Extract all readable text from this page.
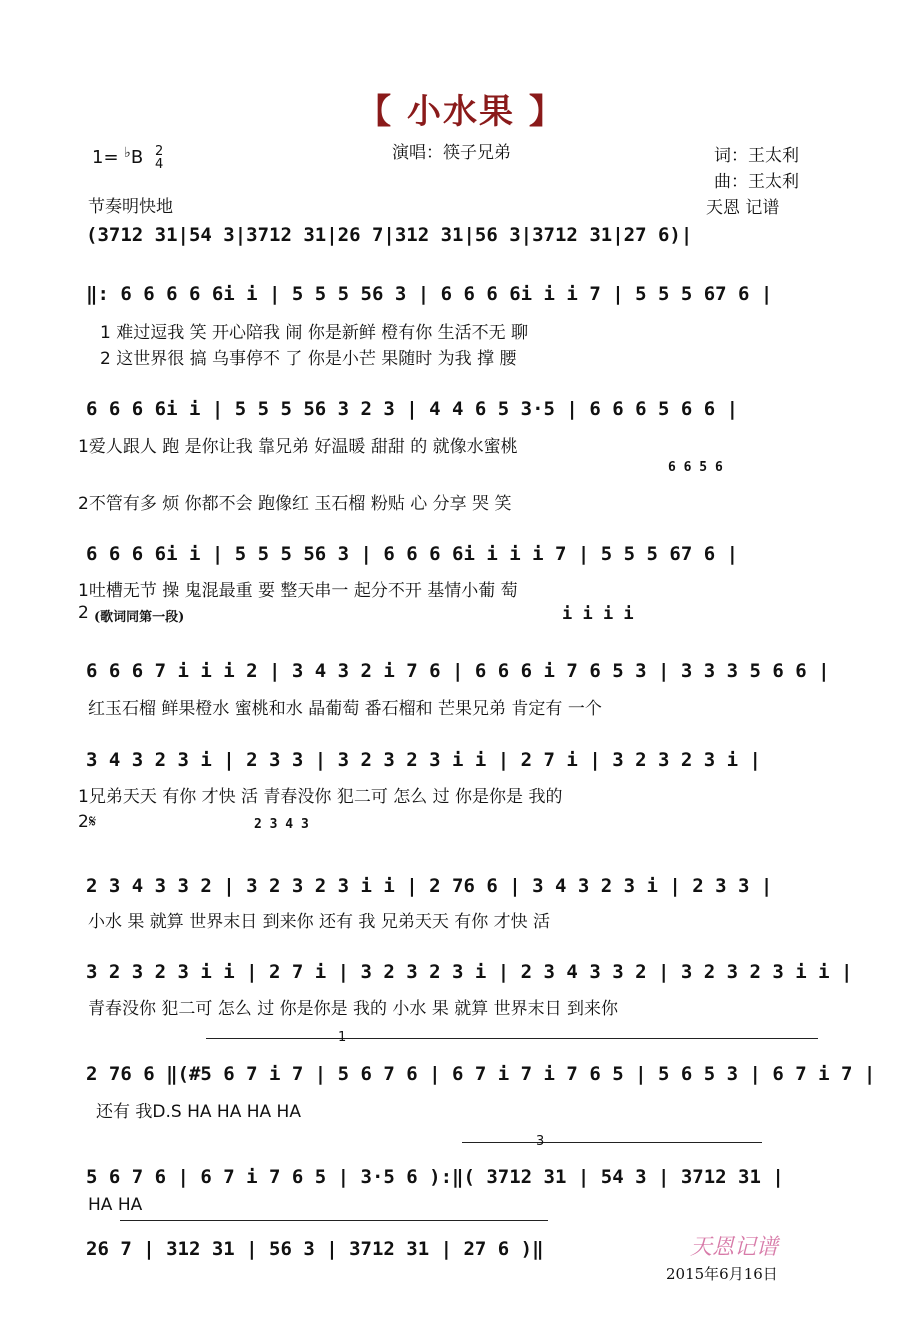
【 小水果 】
演唱：筷子兄弟	词：王太利
曲：王太利
天恩 记谱
1= ♭B 2
4
节奏明快地
(3712 31|54 3|3712 31|26 7|312 31|56 3|3712 31|27 6)|
‖: 6 6 6 6 6i i | 5 5 5 56 3 | 6 6 6 6i i i 7 | 5 5 5 67 6 |
1 难过逗我 笑 开心陪我 闹 你是新鲜 橙有你 生活不无 聊
2 这世界很 搞 乌事停不 了 你是小芒 果随时 为我 撑 腰
6 6 6 6i i | 5 5 5 56 3 2 3 | 4 4 6 5 3·5 | 6 6 6 5 6 6 |
1爱人跟人 跑 是你让我 靠兄弟 好温暖 甜甜 的 就像水蜜桃
6 6 5 6
2不管有多 烦 你都不会 跑像红 玉石榴 粉贴 心 分享 哭 笑
6 6 6 6i i | 5 5 5 56 3 | 6 6 6 6i i i i 7 | 5 5 5 67 6 |
1吐槽无节 操 鬼混最重 要 整天串一 起分不开 基情小葡 萄
2 (歌词同第一段)	i i i i
6 6 6 7 i i i 2 | 3 4 3 2 i 7 6 | 6 6 6 i 7 6 5 3 | 3 3 3 5 6 6 |
红玉石榴 鲜果橙水 蜜桃和水 晶葡萄 番石榴和 芒果兄弟 肯定有 一个
3 4 3 2 3 i | 2 3 3 | 3 2 3 2 3 i i | 2 7 i | 3 2 3 2 3 i |
1兄弟天天 有你 才快 活 青春没你 犯二可 怎么 过 你是你是 我的
2𝄋	2 3 4 3
2 3 4 3 3 2 | 3 2 3 2 3 i i | 2 76 6 | 3 4 3 2 3 i | 2 3 3 |
小水 果 就算 世界末日 到来你 还有 我 兄弟天天 有你 才快 活
3 2 3 2 3 i i | 2 7 i | 3 2 3 2 3 i | 2 3 4 3 3 2 | 3 2 3 2 3 i i |
青春没你 犯二可 怎么 过 你是你是 我的 小水 果 就算 世界末日 到来你
1
2 76 6 ‖(#5 6 7 i 7 | 5 6 7 6 | 6 7 i 7 i 7 6 5 | 5 6 5 3 | 6 7 i 7 |
还有 我D.S HA HA HA HA
3
5 6 7 6 | 6 7 i 7 6 5 | 3·5 6 ):‖( 3712 31 | 54 3 | 3712 31 |
HA HA
26 7 | 312 31 | 56 3 | 3712 31 | 27 6 )‖	天恩记谱
2015年6月16日
